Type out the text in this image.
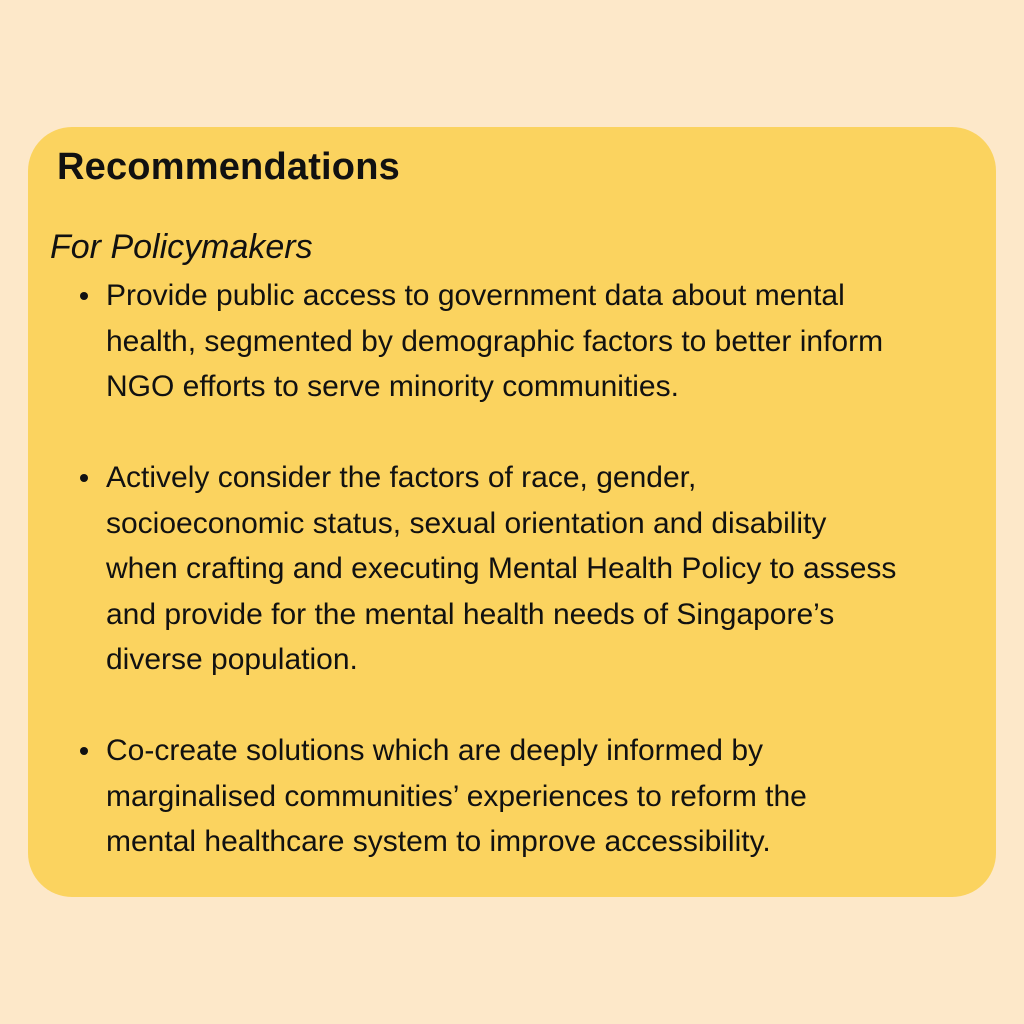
Recommendations
For Policymakers
Provide public access to government data about mental
health, segmented by demographic factors to better inform
NGO efforts to serve minority communities.
Actively consider the factors of race, gender,
socioeconomic status, sexual orientation and disability
when crafting and executing Mental Health Policy to assess
and provide for the mental health needs of Singapore’s
diverse population.
Co-create solutions which are deeply informed by
marginalised communities’ experiences to reform the
mental healthcare system to improve accessibility.
